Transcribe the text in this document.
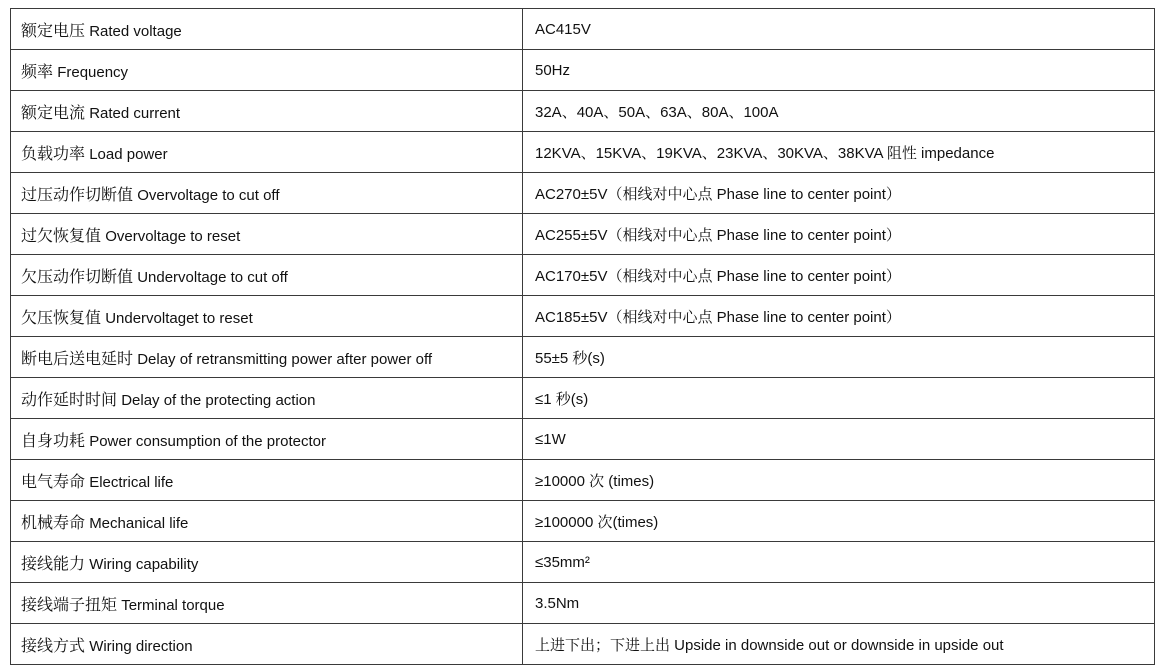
额定电压 Rated voltage	AC415V
频率 Frequency	50Hz
额定电流 Rated current	32A、40A、50A、63A、80A、100A
负载功率 Load power	12KVA、15KVA、19KVA、23KVA、30KVA、38KVA 阻性 impedance
过压动作切断值 Overvoltage to cut off	AC270±5V（相线对中心点 Phase line to center point）
过欠恢复值 Overvoltage to reset	AC255±5V（相线对中心点 Phase line to center point）
欠压动作切断值 Undervoltage to cut off	AC170±5V（相线对中心点 Phase line to center point）
欠压恢复值 Undervoltaget to reset	AC185±5V（相线对中心点 Phase line to center point）
断电后送电延时 Delay of retransmitting power after power off	55±5 秒(s)
动作延时时间 Delay of the protecting action	≤1 秒(s)
自身功耗 Power consumption of the protector	≤1W
电气寿命 Electrical life	≥10000 次 (times)
机械寿命 Mechanical life	≥100000 次(times)
接线能力 Wiring capability	≤35mm²
接线端子扭矩 Terminal torque	3.5Nm
接线方式 Wiring direction	上进下出；下进上出 Upside in downside out or downside in upside out
